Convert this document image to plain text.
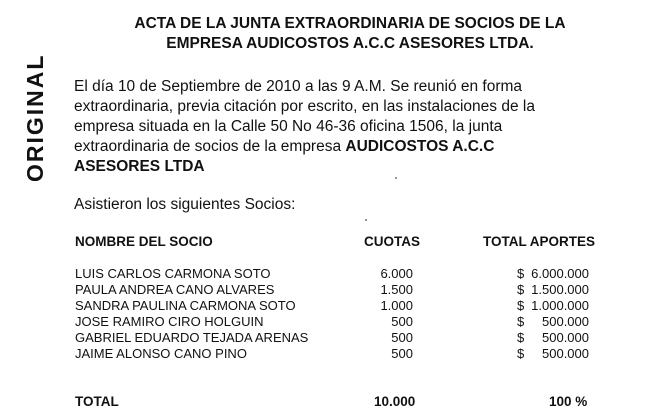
ORIGINAL
ACTA DE LA JUNTA EXTRAORDINARIA DE SOCIOS DE LA
EMPRESA AUDICOSTOS A.C.C ASESORES LTDA.
El día 10 de Septiembre de 2010 a las 9 A.M. Se reunió en forma
extraordinaria, previa citación por escrito, en las instalaciones de la
empresa situada en la Calle 50 No 46-36 oficina 1506, la junta
extraordinaria de socios de la empresa AUDICOSTOS A.C.C
ASESORES LTDA
Asistieron los siguientes Socios:
NOMBRE DEL SOCIO	CUOTAS	TOTAL APORTES
LUIS CARLOS CARMONA SOTO	6.000	$ 6.000.000
PAULA ANDREA CANO ALVARES	1.500	$ 1.500.000
SANDRA PAULINA CARMONA SOTO	1.000	$ 1.000.000
JOSE RAMIRO CIRO HOLGUIN	500	$ 500.000
GABRIEL EDUARDO TEJADA ARENAS	500	$ 500.000
JAIME ALONSO CANO PINO	500	$ 500.000
TOTAL	10.000	100 %
